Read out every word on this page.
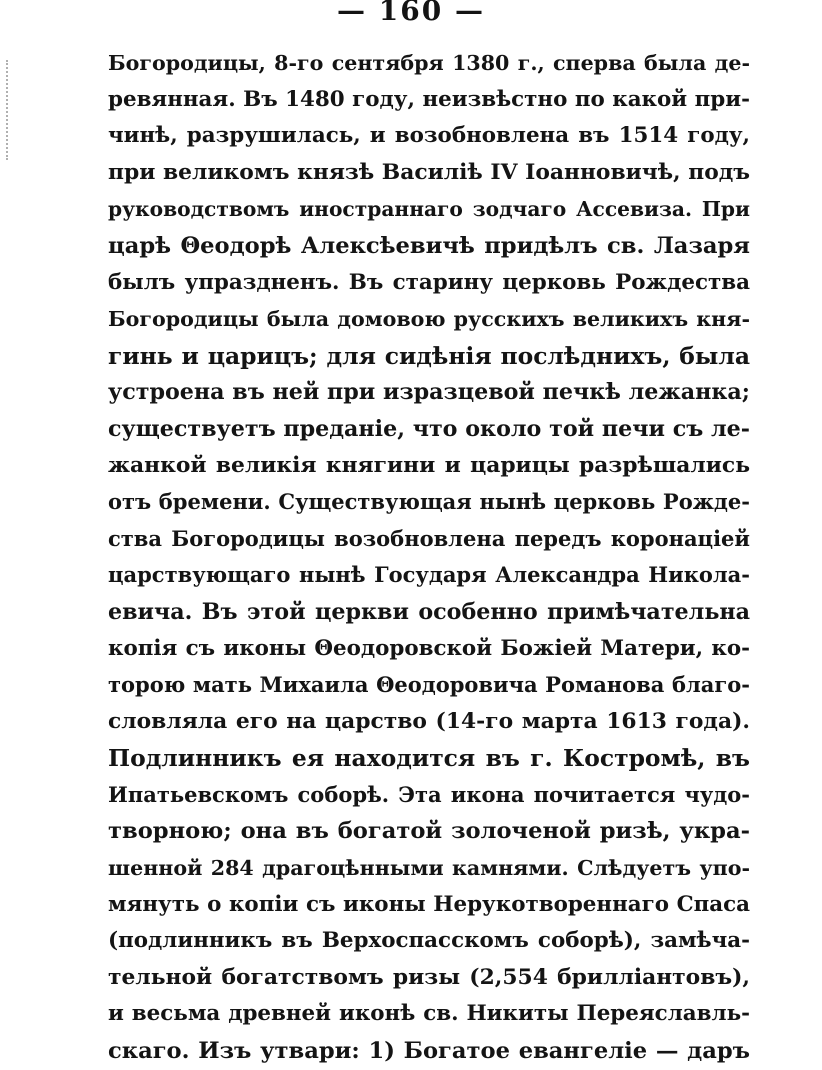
— 160 —
Богородицы, 8-го сентября 1380 г., сперва была де-
ревянная. Въ 1480 году, неизвѣстно по какой при-
чинѣ, разрушилась, и возобновлена въ 1514 году,
при великомъ князѣ Василіѣ IV Іоанновичѣ, подъ
руководствомъ иностраннаго зодчаго Ассевиза. При
царѣ Θеодорѣ Алексѣевичѣ придѣлъ св. Лазаря
былъ упраздненъ. Въ старину церковь Рождества
Богородицы была домовою русскихъ великихъ кня-
гинь и царицъ; для сидѣнія послѣднихъ, была
устроена въ ней при изразцевой печкѣ лежанка;
существуетъ преданіе, что около той печи съ ле-
жанкой великія княгини и царицы разрѣшались
отъ бремени. Существующая нынѣ церковь Рожде-
ства Богородицы возобновлена передъ коронаціей
царствующаго нынѣ Государя Александра Никола-
евича. Въ этой церкви особенно примѣчательна
копія съ иконы Θеодоровской Божіей Матери, ко-
торою мать Михаила Θеодоровича Романова благо-
словляла его на царство (14-го марта 1613 года).
Подлинникъ ея находится въ г. Костромѣ, въ
Ипатьевскомъ соборѣ. Эта икона почитается чудо-
творною; она въ богатой золоченой ризѣ, укра-
шенной 284 драгоцѣнными камнями. Слѣдуетъ упо-
мянуть о копіи съ иконы Нерукотвореннаго Спаса
(подлинникъ въ Верхоспасскомъ соборѣ), замѣча-
тельной богатствомъ ризы (2,554 бриллiантовъ),
и весьма древней иконѣ св. Никиты Переяславль-
скаго. Изъ утвари: 1) Богатое евангеліе — даръ
